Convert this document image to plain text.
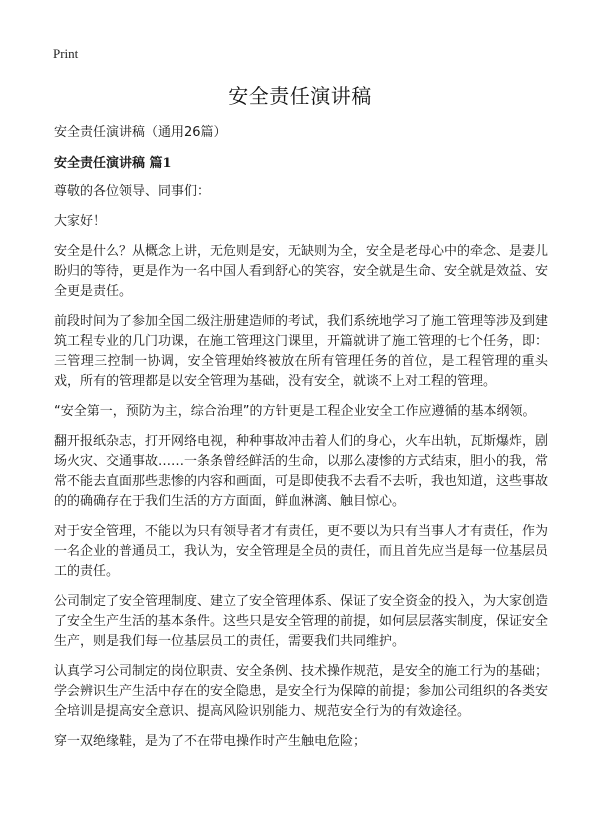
Print
安全责任演讲稿

安全责任演讲稿（通用26篇）

安全责任演讲稿 篇1

尊敬的各位领导、同事们：

大家好！

安全是什么？从概念上讲，无危则是安，无缺则为全，安全是老母心中的牵念、是妻儿盼归的等待，更是作为一名中国人看到舒心的笑容，安全就是生命、安全就是效益、安全更是责任。

前段时间为了参加全国二级注册建造师的考试，我们系统地学习了施工管理等涉及到建筑工程专业的几门功课，在施工管理这门课里，开篇就讲了施工管理的七个任务，即：三管理三控制一协调，安全管理始终被放在所有管理任务的首位，是工程管理的重头戏，所有的管理都是以安全管理为基础，没有安全，就谈不上对工程的管理。

“安全第一，预防为主，综合治理”的方针更是工程企业安全工作应遵循的基本纲领。

翻开报纸杂志，打开网络电视，种种事故冲击着人们的身心，火车出轨，瓦斯爆炸，剧场火灾、交通事故……一条条曾经鲜活的生命，以那么凄惨的方式结束，胆小的我，常常不能去直面那些悲惨的内容和画面，可是即使我不去看不去听，我也知道，这些事故的的确确存在于我们生活的方方面面，鲜血淋漓、触目惊心。

对于安全管理，不能以为只有领导者才有责任，更不要以为只有当事人才有责任，作为一名企业的普通员工，我认为，安全管理是全员的责任，而且首先应当是每一位基层员工的责任。

公司制定了安全管理制度、建立了安全管理体系、保证了安全资金的投入，为大家创造了安全生产生活的基本条件。这些只是安全管理的前提，如何层层落实制度，保证安全生产，则是我们每一位基层员工的责任，需要我们共同维护。

认真学习公司制定的岗位职责、安全条例、技术操作规范，是安全的施工行为的基础；学会辨识生产生活中存在的安全隐患，是安全行为保障的前提；参加公司组织的各类安全培训是提高安全意识、提高风险识别能力、规范安全行为的有效途径。

穿一双绝缘鞋，是为了不在带电操作时产生触电危险；
